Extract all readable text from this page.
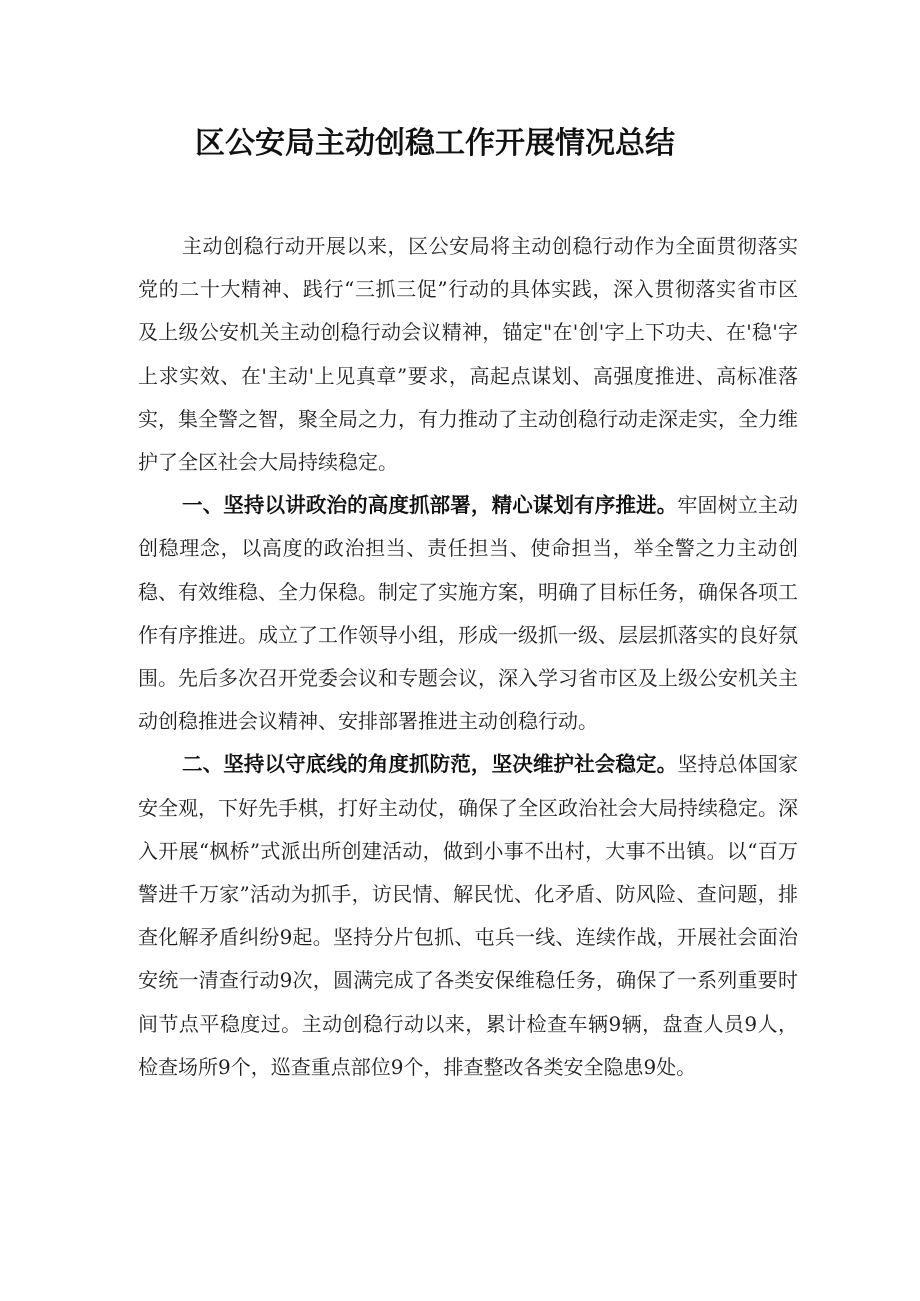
区公安局主动创稳工作开展情况总结

主动创稳行动开展以来，区公安局将主动创稳行动作为全面贯彻落实党的二十大精神、践行“三抓三促”行动的具体实践，深入贯彻落实省市区及上级公安机关主动创稳行动会议精神，锚定"在'创'字上下功夫、在'稳'字上求实效、在'主动'上见真章”要求，高起点谋划、高强度推进、高标准落实，集全警之智，聚全局之力，有力推动了主动创稳行动走深走实，全力维护了全区社会大局持续稳定。

一、坚持以讲政治的高度抓部署，精心谋划有序推进。牢固树立主动创稳理念，以高度的政治担当、责任担当、使命担当，举全警之力主动创稳、有效维稳、全力保稳。制定了实施方案，明确了目标任务，确保各项工作有序推进。成立了工作领导小组，形成一级抓一级、层层抓落实的良好氛围。先后多次召开党委会议和专题会议，深入学习省市区及上级公安机关主动创稳推进会议精神、安排部署推进主动创稳行动。

二、坚持以守底线的角度抓防范，坚决维护社会稳定。坚持总体国家安全观，下好先手棋，打好主动仗，确保了全区政治社会大局持续稳定。深入开展“枫桥”式派出所创建活动，做到小事不出村，大事不出镇。以“百万警进千万家”活动为抓手，访民情、解民忧、化矛盾、防风险、查问题，排查化解矛盾纠纷9起。坚持分片包抓、屯兵一线、连续作战，开展社会面治安统一清查行动9次，圆满完成了各类安保维稳任务，确保了一系列重要时间节点平稳度过。主动创稳行动以来，累计检查车辆9辆，盘查人员9人，检查场所9个，巡查重点部位9个，排查整改各类安全隐患9处。
